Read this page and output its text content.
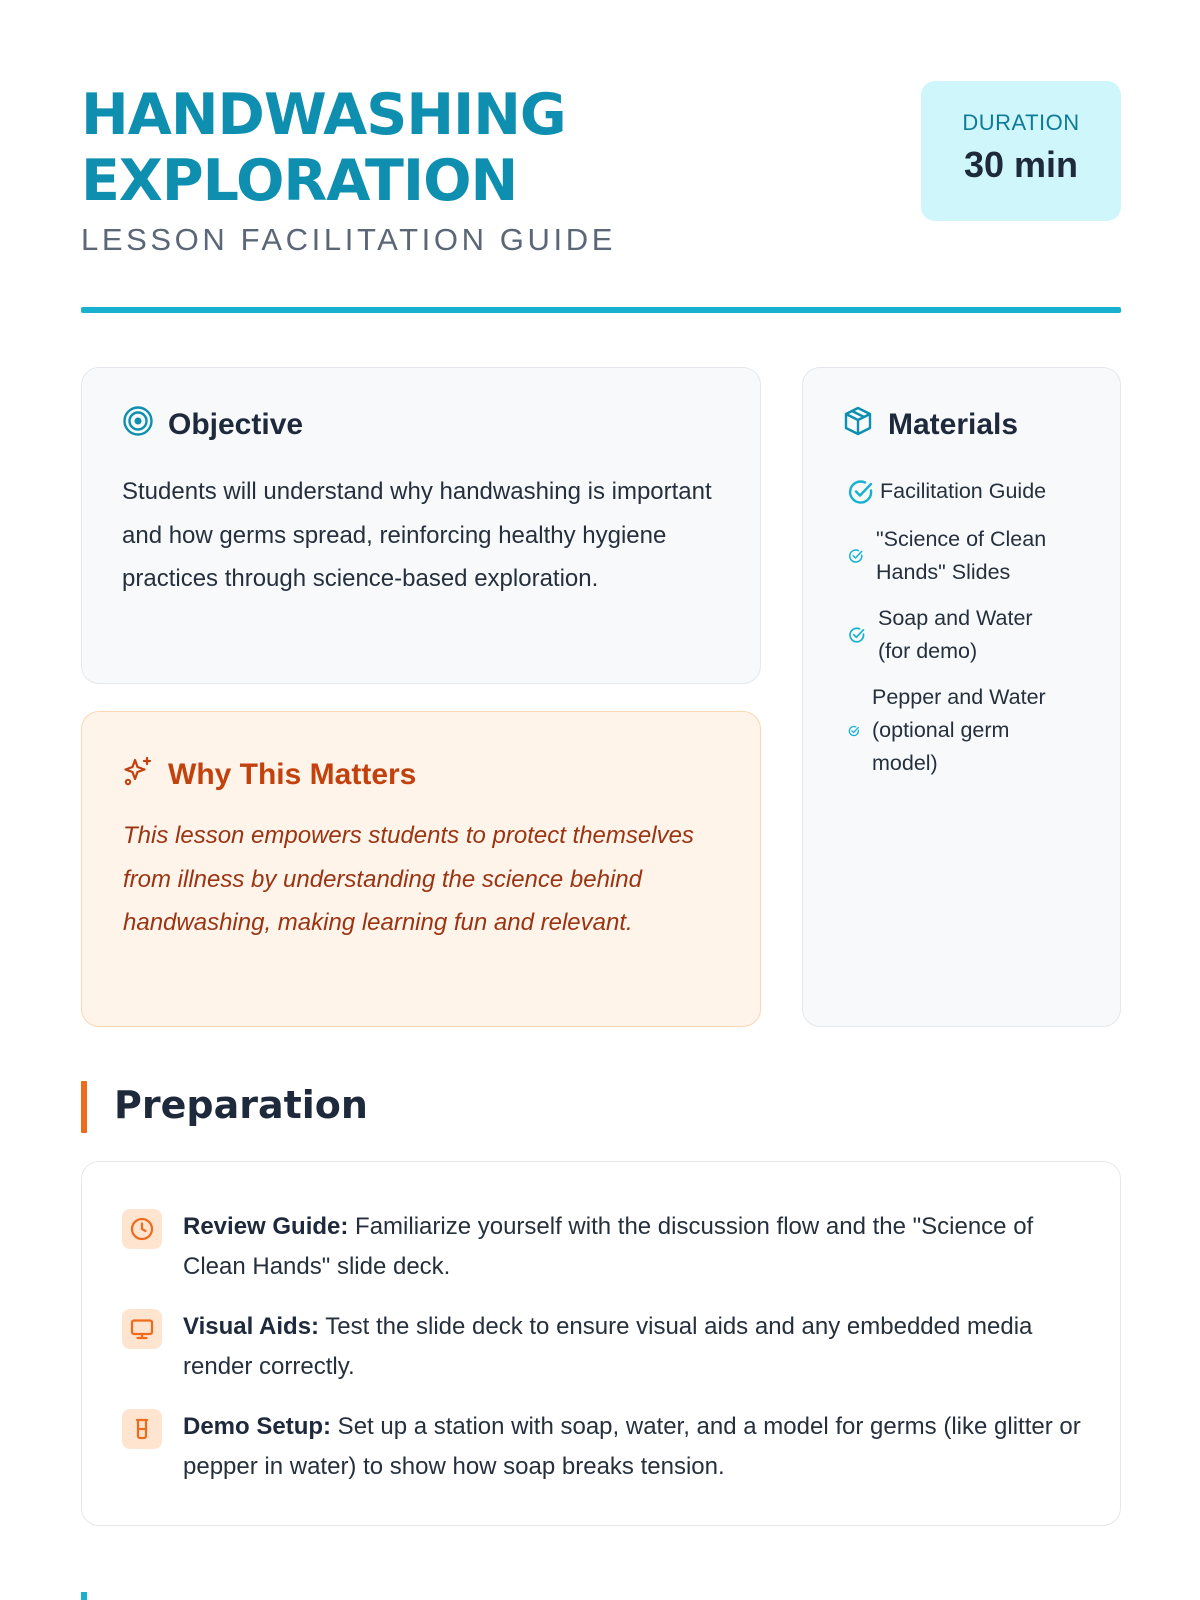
HANDWASHING
EXPLORATION
LESSON FACILITATION GUIDE
DURATION
30 min
Objective

Students will understand why handwashing is important and how germs spread, reinforcing healthy hygiene practices through science-based exploration.

Why This Matters

This lesson empowers students to protect themselves from illness by understanding the science behind handwashing, making learning fun and relevant.

Materials
Facilitation Guide
"Science of Clean
Hands" Slides
Soap and Water
(for demo)
Pepper and Water
(optional germ
model)
Preparation

Review Guide: Familiarize yourself with the discussion flow and the "Science of Clean Hands" slide deck.

Visual Aids: Test the slide deck to ensure visual aids and any embedded media render correctly.

Demo Setup: Set up a station with soap, water, and a model for germs (like glitter or pepper in water) to show how soap breaks tension.
